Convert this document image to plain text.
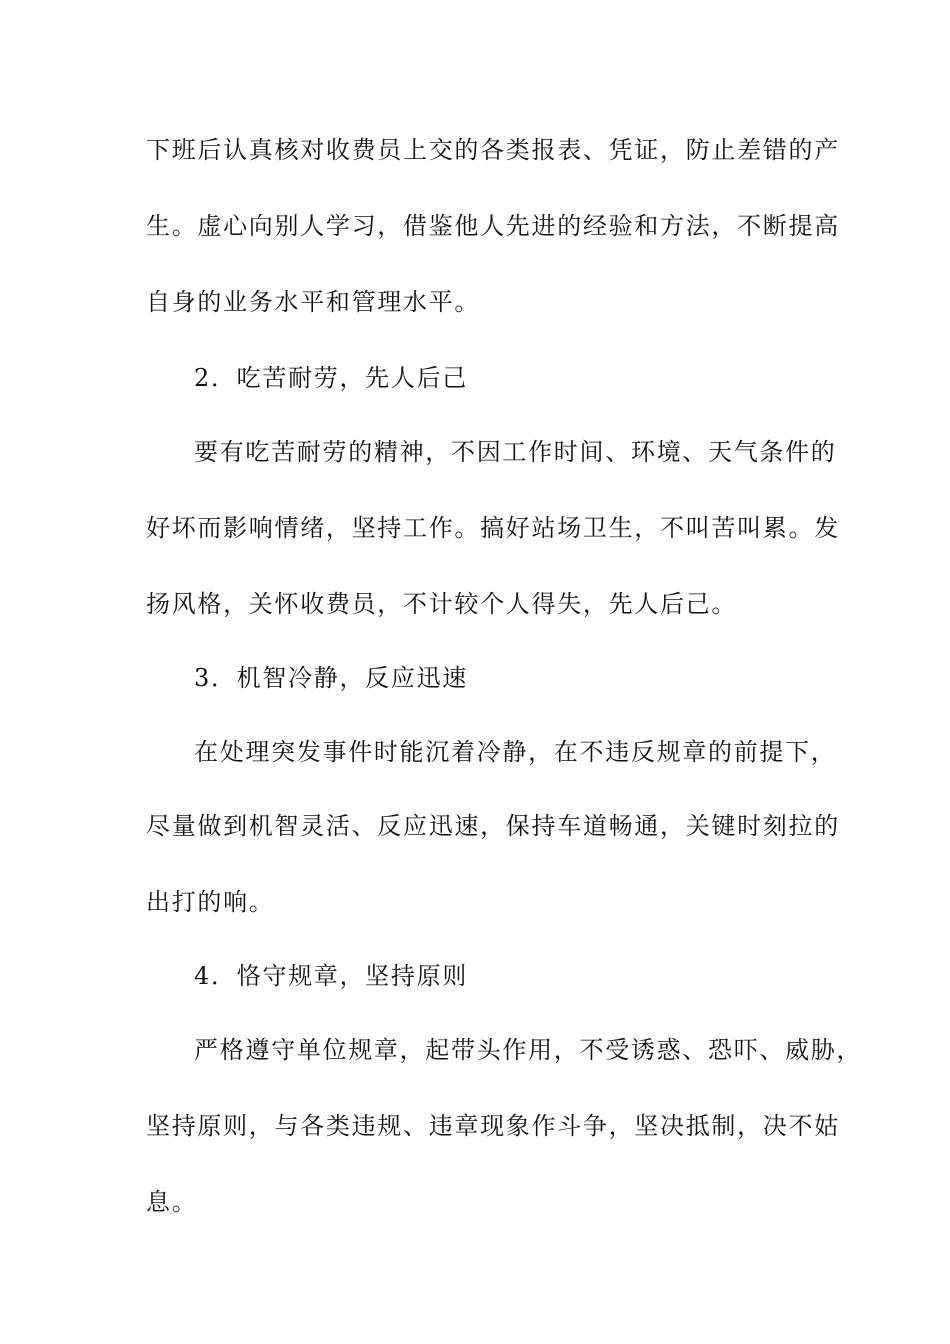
下班后认真核对收费员上交的各类报表、凭证，防止差错的产
生。虚心向别人学习，借鉴他人先进的经验和方法，不断提高
自身的业务水平和管理水平。
2．吃苦耐劳，先人后己
要有吃苦耐劳的精神，不因工作时间、环境、天气条件的
好坏而影响情绪，坚持工作。搞好站场卫生，不叫苦叫累。发
扬风格，关怀收费员，不计较个人得失，先人后己。
3．机智冷静，反应迅速
在处理突发事件时能沉着冷静，在不违反规章的前提下，
尽量做到机智灵活、反应迅速，保持车道畅通，关键时刻拉的
出打的响。
4．恪守规章，坚持原则
严格遵守单位规章，起带头作用，不受诱惑、恐吓、威胁，
坚持原则，与各类违规、违章现象作斗争，坚决抵制，决不姑
息。
